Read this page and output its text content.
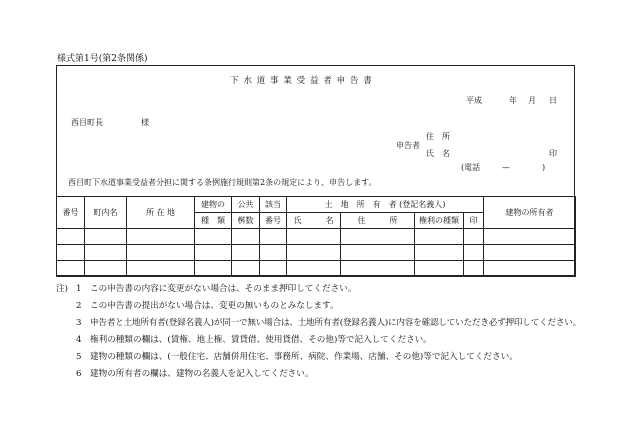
様式第1号(第2条関係)
下 水 道 事 業 受 益 者 申 告 書
平成	年 月 日
西目町長	様
申告者
住　所
氏　名	印
(電話	—	)
西目町下水道事業受益者分担に関する条例施行規則第2条の規定により、申告します。
番号	町内名	所 在 地	建物の	公共	該当	土　地　所　有　者 (登記名義人)				建物の所有者
			種　類	桝数	番号	氏　　　名	住　　　所	権利の種類	印	

注) 1 この申告書の内容に変更がない場合は、そのまま押印してください。
2 この申告書の提出がない場合は、変更の無いものとみなします。
3 申告者と土地所有者(登録名義人)が同一で無い場合は、土地所有者(登録名義人)に内容を確認していただき必ず押印してください。
4 権利の種類の欄は、(賃権、地上権、賃貸借、使用貸借、その他)等で記入してください。
5 建物の種類の欄は、(一般住宅、店舗併用住宅、事務所、病院、作業場、店舗、その他)等で記入してください。
6 建物の所有者の欄は、建物の名義人を記入してください。
